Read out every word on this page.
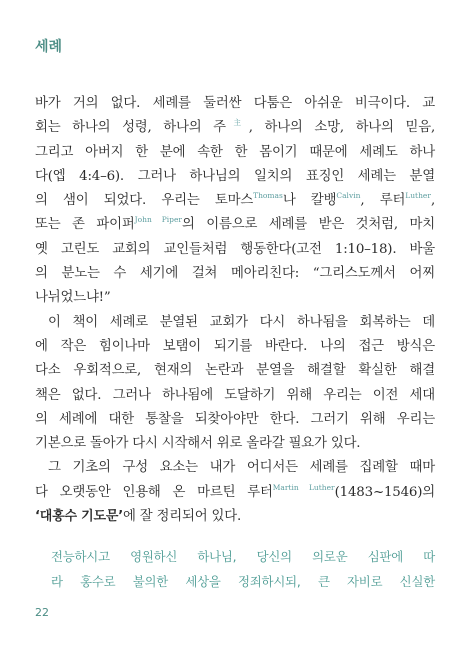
세례
바가 거의 없다. 세례를 둘러싼 다툼은 아쉬운 비극이다. 교
회는 하나의 성령, 하나의 주$^主$, 하나의 소망, 하나의 믿음,
그리고 아버지 한 분에 속한 한 몸이기 때문에 세례도 하나
다(엡 4:4–6). 그러나 하나님의 일치의 표징인 세례는 분열
의 샘이 되었다. 우리는 토마스$^{Thomas}$나 칼뱅$^{Calvin}$, 루터$^{Luther}$,
또는 존 파이퍼$^{John Piper}$의 이름으로 세례를 받은 것처럼, 마치
옛 고린도 교회의 교인들처럼 행동한다(고전 1:10–18). 바울
의 분노는 수 세기에 걸쳐 메아리친다: “그리스도께서 어찌
나뉘었느냐!”
이 책이 세례로 분열된 교회가 다시 하나됨을 회복하는 데
에 작은 힘이나마 보탬이 되기를 바란다. 나의 접근 방식은
다소 우회적으로, 현재의 논란과 분열을 해결할 확실한 해결
책은 없다. 그러나 하나됨에 도달하기 위해 우리는 이전 세대
의 세례에 대한 통찰을 되찾아야만 한다. 그러기 위해 우리는
기본으로 돌아가 다시 시작해서 위로 올라갈 필요가 있다.
그 기초의 구성 요소는 내가 어디서든 세례를 집례할 때마
다 오랫동안 인용해 온 마르틴 루터$^{Martin Luther}$(1483~1546)의
‘대홍수 기도문’에 잘 정리되어 있다.
전능하시고 영원하신 하나님, 당신의 의로운 심판에 따
라 홍수로 불의한 세상을 정죄하시되, 큰 자비로 신실한

22
